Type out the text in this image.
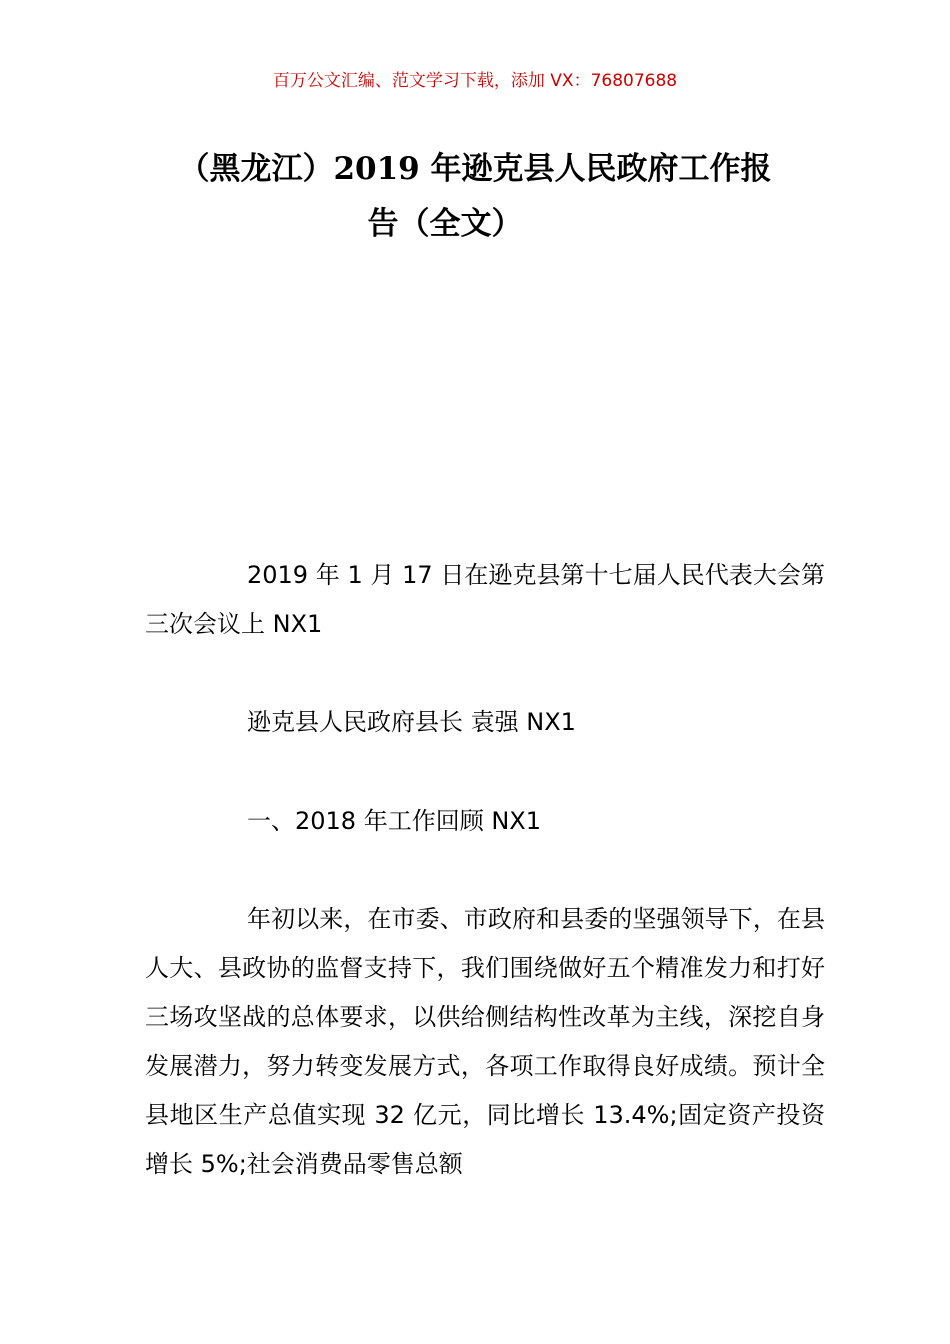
百万公文汇编、范文学习下载，添加 VX：76807688
（黑龙江）2019 年逊克县人民政府工作报
告（全文）

2019 年 1 月 17 日在逊克县第十七届人民代表大会第三次会议上 NX1

逊克县人民政府县长 袁强 NX1

一、2018 年工作回顾 NX1

年初以来，在市委、市政府和县委的坚强领导下，在县人大、县政协的监督支持下，我们围绕做好五个精准发力和打好三场攻坚战的总体要求，以供给侧结构性改革为主线，深挖自身发展潜力，努力转变发展方式，各项工作取得良好成绩。预计全县地区生产总值实现 32 亿元，同比增长 13.4%;固定资产投资增长 5%;社会消费品零售总额
